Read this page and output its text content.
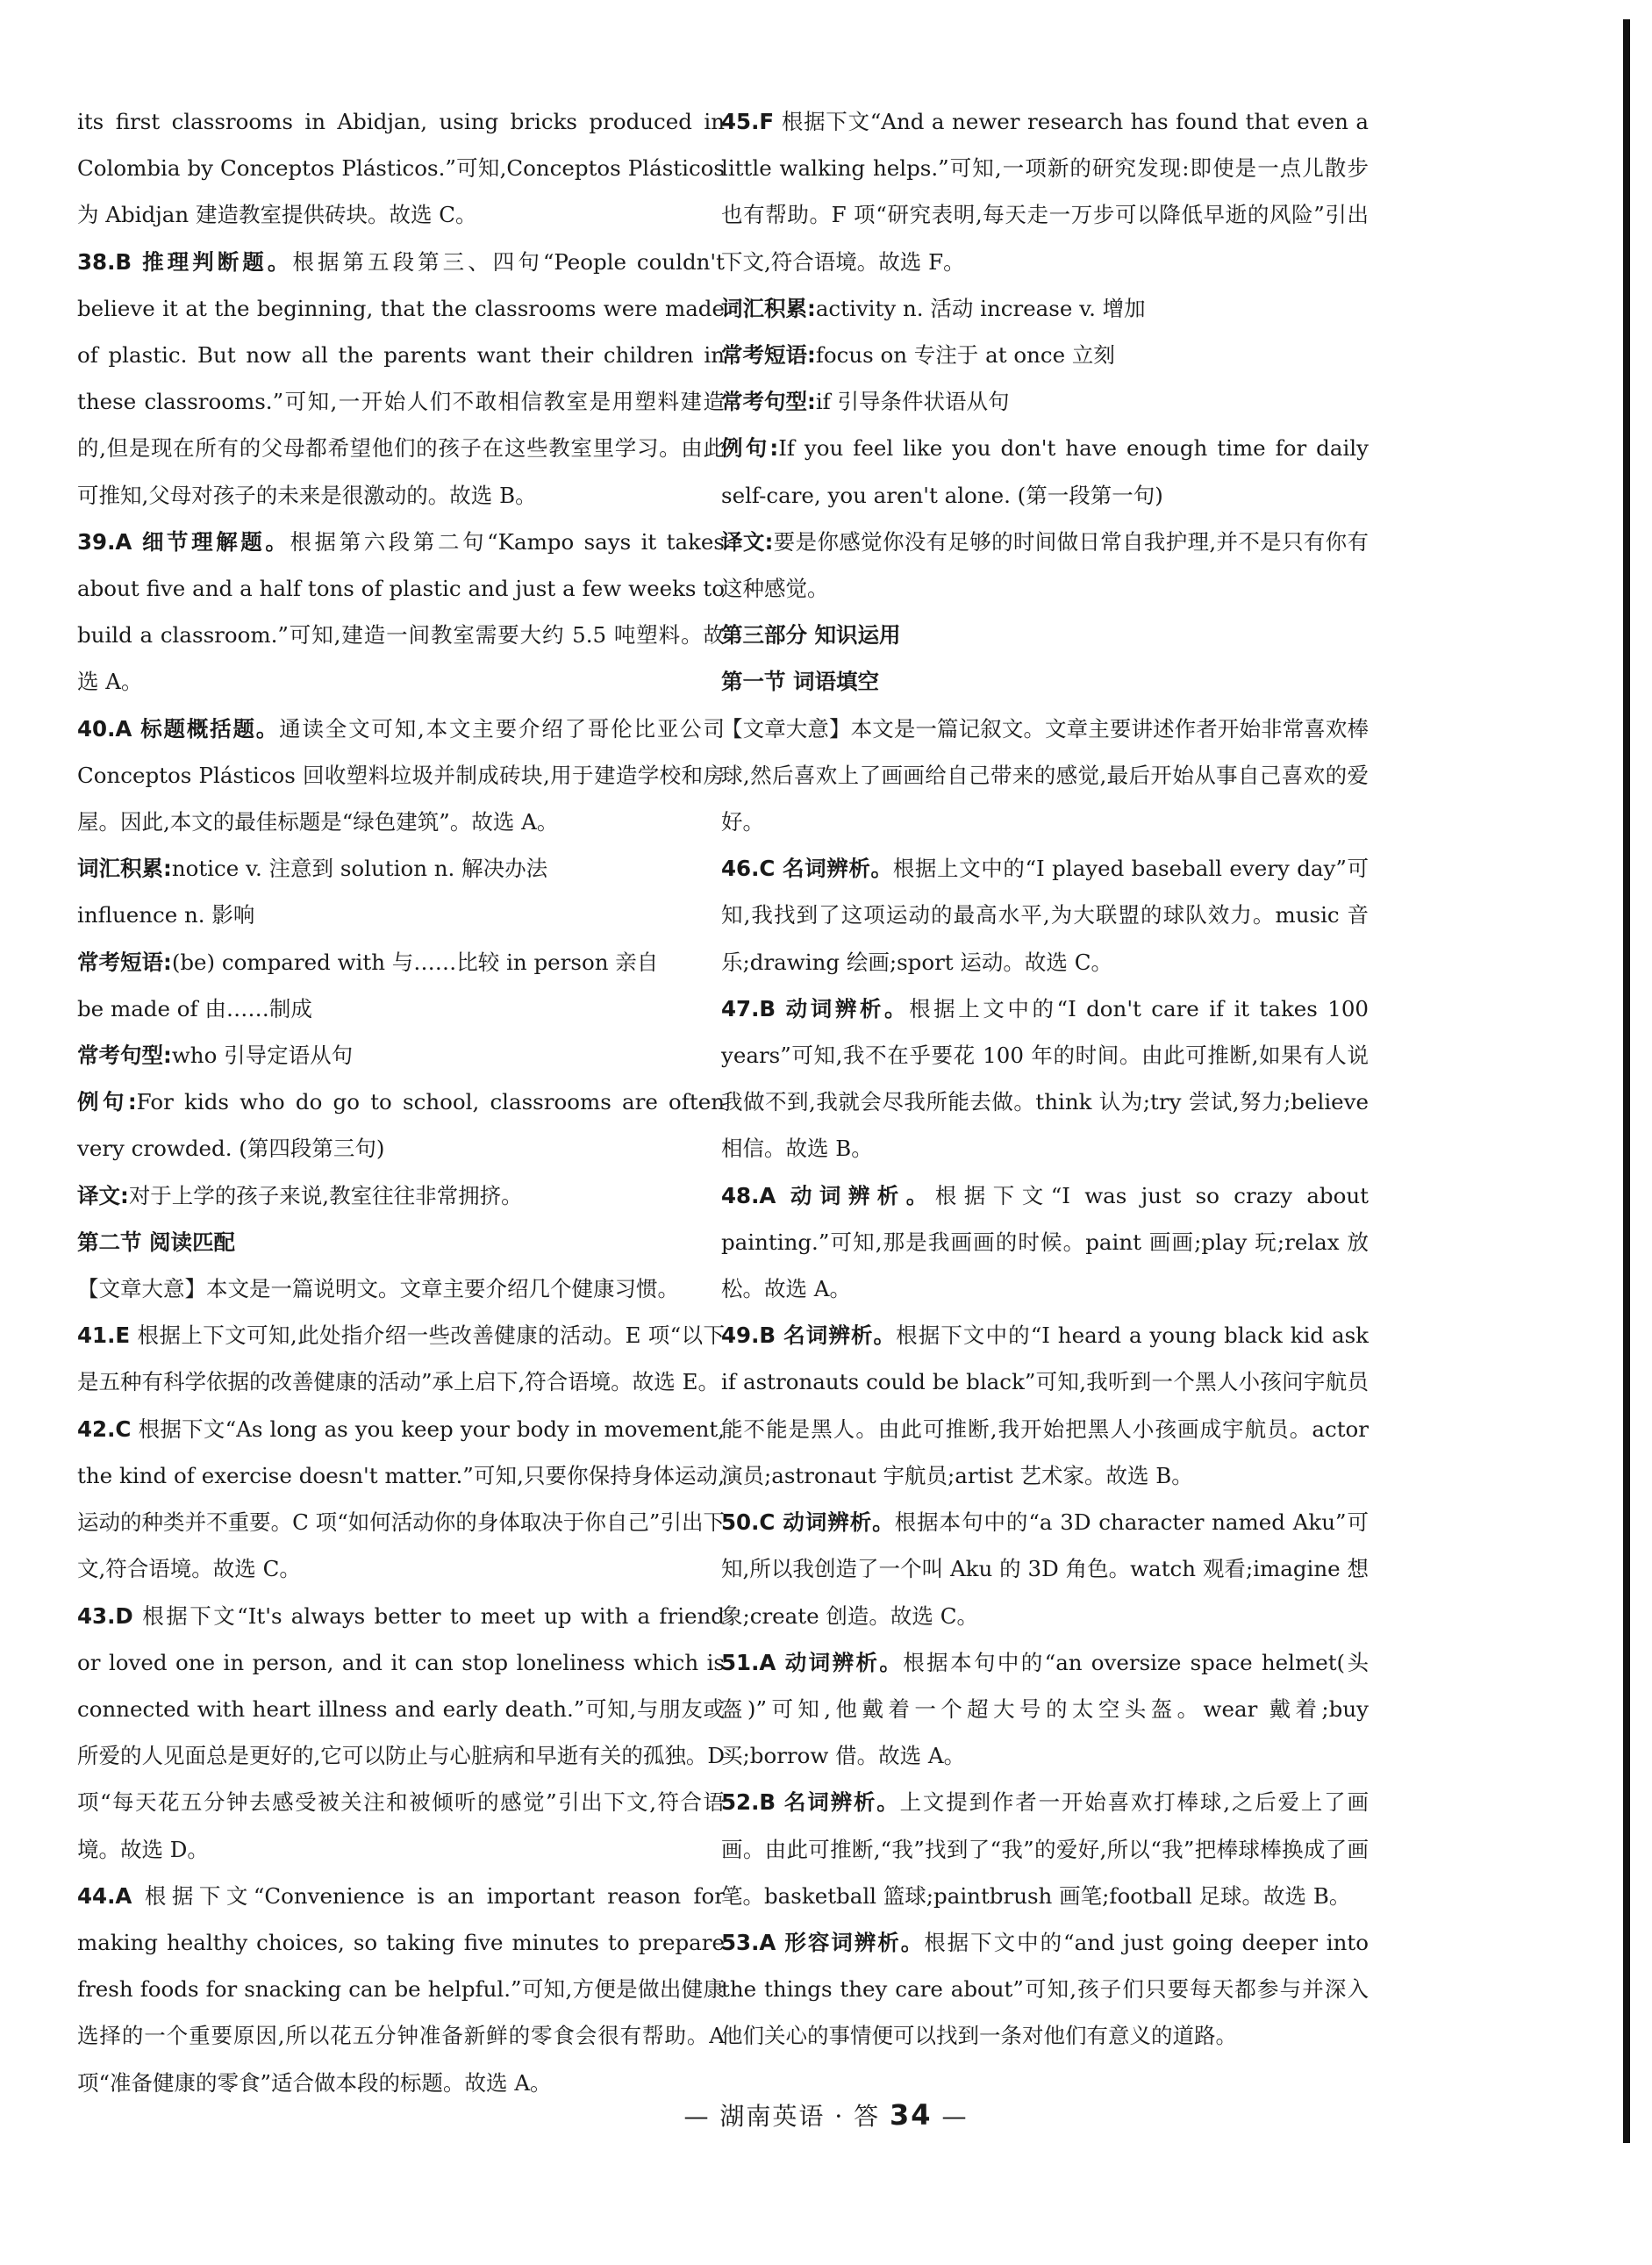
its first classrooms in Abidjan, using bricks produced in Colombia by Conceptos Plásticos.”可知,Conceptos Plásticos 为 Abidjan 建造教室提供砖块。故选 C。

38.B 推理判断题。根据第五段第三、四句“People couldn't believe it at the beginning, that the classrooms were made of plastic. But now all the parents want their children in these classrooms.”可知,一开始人们不敢相信教室是用塑料建造的,但是现在所有的父母都希望他们的孩子在这些教室里学习。由此可推知,父母对孩子的未来是很激动的。故选 B。

39.A 细节理解题。根据第六段第二句“Kampo says it takes about five and a half tons of plastic and just a few weeks to build a classroom.”可知,建造一间教室需要大约 5.5 吨塑料。故选 A。

40.A 标题概括题。通读全文可知,本文主要介绍了哥伦比亚公司 Conceptos Plásticos 回收塑料垃圾并制成砖块,用于建造学校和房屋。因此,本文的最佳标题是“绿色建筑”。故选 A。

词汇积累:notice v. 注意到 solution n. 解决办法

influence n. 影响

常考短语:(be) compared with 与……比较 in person 亲自

be made of 由……制成

常考句型:who 引导定语从句

例句:For kids who do go to school, classrooms are often very crowded. (第四段第三句)

译文:对于上学的孩子来说,教室往往非常拥挤。

第二节 阅读匹配

【文章大意】本文是一篇说明文。文章主要介绍几个健康习惯。

41.E 根据上下文可知,此处指介绍一些改善健康的活动。E 项“以下是五种有科学依据的改善健康的活动”承上启下,符合语境。故选 E。

42.C 根据下文“As long as you keep your body in movement, the kind of exercise doesn't matter.”可知,只要你保持身体运动,运动的种类并不重要。C 项“如何活动你的身体取决于你自己”引出下文,符合语境。故选 C。

43.D 根据下文“It's always better to meet up with a friend or loved one in person, and it can stop loneliness which is connected with heart illness and early death.”可知,与朋友或所爱的人见面总是更好的,它可以防止与心脏病和早逝有关的孤独。D 项“每天花五分钟去感受被关注和被倾听的感觉”引出下文,符合语境。故选 D。

44.A 根据下文“Convenience is an important reason for making healthy choices, so taking five minutes to prepare fresh foods for snacking can be helpful.”可知,方便是做出健康选择的一个重要原因,所以花五分钟准备新鲜的零食会很有帮助。A 项“准备健康的零食”适合做本段的标题。故选 A。

45.F 根据下文“And a newer research has found that even a little walking helps.”可知,一项新的研究发现:即使是一点儿散步也有帮助。F 项“研究表明,每天走一万步可以降低早逝的风险”引出下文,符合语境。故选 F。

词汇积累:activity n. 活动 increase v. 增加

常考短语:focus on 专注于 at once 立刻

常考句型:if 引导条件状语从句

例句:If you feel like you don't have enough time for daily self-care, you aren't alone. (第一段第一句)

译文:要是你感觉你没有足够的时间做日常自我护理,并不是只有你有这种感觉。

第三部分 知识运用

第一节 词语填空

【文章大意】本文是一篇记叙文。文章主要讲述作者开始非常喜欢棒球,然后喜欢上了画画给自己带来的感觉,最后开始从事自己喜欢的爱好。

46.C 名词辨析。根据上文中的“I played baseball every day”可知,我找到了这项运动的最高水平,为大联盟的球队效力。music 音乐;drawing 绘画;sport 运动。故选 C。

47.B 动词辨析。根据上文中的“I don't care if it takes 100 years”可知,我不在乎要花 100 年的时间。由此可推断,如果有人说我做不到,我就会尽我所能去做。think 认为;try 尝试,努力;believe 相信。故选 B。

48.A 动词辨析。根据下文“I was just so crazy about painting.”可知,那是我画画的时候。paint 画画;play 玩;relax 放松。故选 A。

49.B 名词辨析。根据下文中的“I heard a young black kid ask if astronauts could be black”可知,我听到一个黑人小孩问宇航员能不能是黑人。由此可推断,我开始把黑人小孩画成宇航员。actor 演员;astronaut 宇航员;artist 艺术家。故选 B。

50.C 动词辨析。根据本句中的“a 3D character named Aku”可知,所以我创造了一个叫 Aku 的 3D 角色。watch 观看;imagine 想象;create 创造。故选 C。

51.A 动词辨析。根据本句中的“an oversize space helmet(头盔)”可知,他戴着一个超大号的太空头盔。wear 戴着;buy 买;borrow 借。故选 A。

52.B 名词辨析。上文提到作者一开始喜欢打棒球,之后爱上了画画。由此可推断,“我”找到了“我”的爱好,所以“我”把棒球棒换成了画笔。basketball 篮球;paintbrush 画笔;football 足球。故选 B。

53.A 形容词辨析。根据下文中的“and just going deeper into the things they care about”可知,孩子们只要每天都参与并深入他们关心的事情便可以找到一条对他们有意义的道路。

— 湖南英语 · 答 34 —
